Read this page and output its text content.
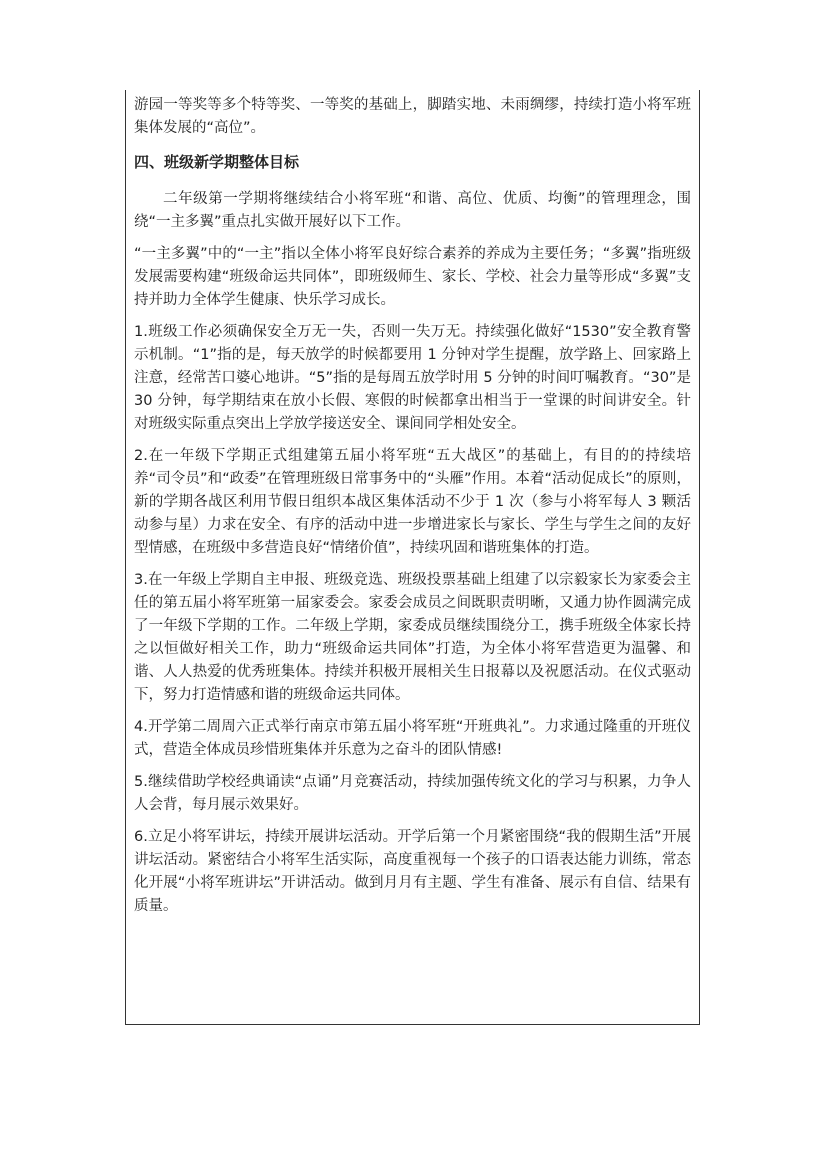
游园一等奖等多个特等奖、一等奖的基础上，脚踏实地、未雨绸缪，持续打造小将军班集体发展的“高位”。

四、班级新学期整体目标

二年级第一学期将继续结合小将军班“和谐、高位、优质、均衡”的管理理念，围绕“一主多翼”重点扎实做开展好以下工作。

“一主多翼”中的“一主”指以全体小将军良好综合素养的养成为主要任务；“多翼”指班级发展需要构建“班级命运共同体”，即班级师生、家长、学校、社会力量等形成“多翼”支持并助力全体学生健康、快乐学习成长。

1.班级工作必须确保安全万无一失，否则一失万无。持续强化做好“1530”安全教育警示机制。“1”指的是，每天放学的时候都要用 1 分钟对学生提醒，放学路上、回家路上注意，经常苦口婆心地讲。“5”指的是每周五放学时用 5 分钟的时间叮嘱教育。“30”是 30 分钟，每学期结束在放小长假、寒假的时候都拿出相当于一堂课的时间讲安全。针对班级实际重点突出上学放学接送安全、课间同学相处安全。

2.在一年级下学期正式组建第五届小将军班“五大战区”的基础上，有目的的持续培养“司令员”和“政委”在管理班级日常事务中的“头雁”作用。本着“活动促成长”的原则，新的学期各战区利用节假日组织本战区集体活动不少于 1 次（参与小将军每人 3 颗活动参与星）力求在安全、有序的活动中进一步增进家长与家长、学生与学生之间的友好型情感，在班级中多营造良好“情绪价值”，持续巩固和谐班集体的打造。

3.在一年级上学期自主申报、班级竞选、班级投票基础上组建了以宗毅家长为家委会主任的第五届小将军班第一届家委会。家委会成员之间既职责明晰，又通力协作圆满完成了一年级下学期的工作。二年级上学期，家委成员继续围绕分工，携手班级全体家长持之以恒做好相关工作，助力“班级命运共同体”打造，为全体小将军营造更为温馨、和谐、人人热爱的优秀班集体。持续并积极开展相关生日报幕以及祝愿活动。在仪式驱动下，努力打造情感和谐的班级命运共同体。

4.开学第二周周六正式举行南京市第五届小将军班“开班典礼”。力求通过隆重的开班仪式，营造全体成员珍惜班集体并乐意为之奋斗的团队情感!

5.继续借助学校经典诵读“点诵”月竞赛活动，持续加强传统文化的学习与积累，力争人人会背，每月展示效果好。

6.立足小将军讲坛，持续开展讲坛活动。开学后第一个月紧密围绕“我的假期生活”开展讲坛活动。紧密结合小将军生活实际，高度重视每一个孩子的口语表达能力训练，常态化开展“小将军班讲坛”开讲活动。做到月月有主题、学生有准备、展示有自信、结果有质量。
